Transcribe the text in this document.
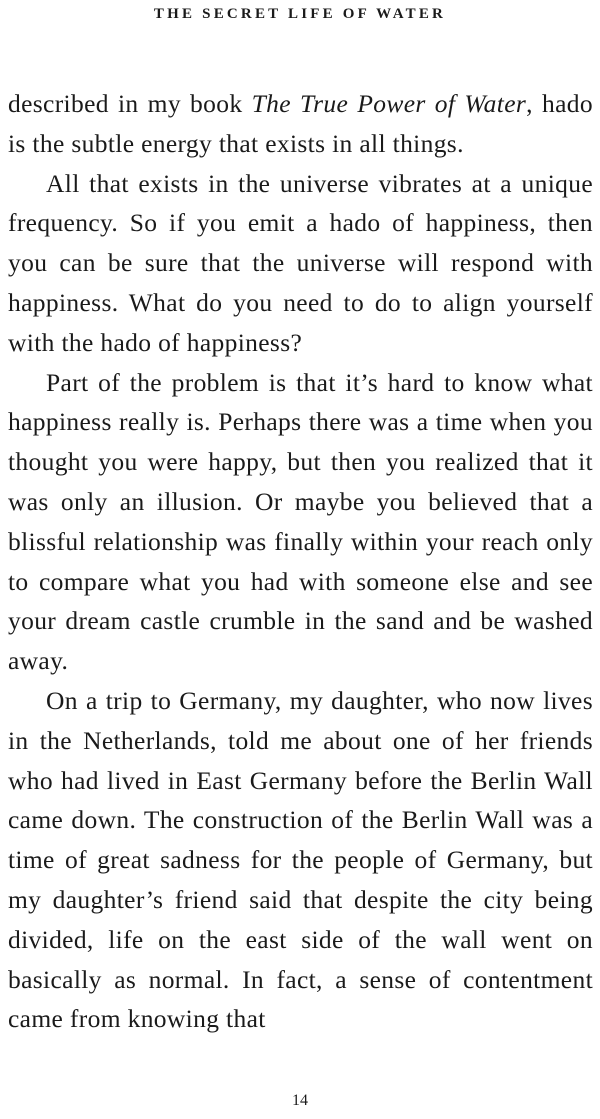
THE SECRET LIFE OF WATER

described in my book The True Power of Water, hado is the subtle energy that exists in all things.

All that exists in the universe vibrates at a unique frequency. So if you emit a hado of happiness, then you can be sure that the universe will respond with happiness. What do you need to do to align yourself with the hado of happiness?

Part of the problem is that it’s hard to know what happiness really is. Perhaps there was a time when you thought you were happy, but then you realized that it was only an illusion. Or maybe you believed that a blissful relationship was finally within your reach only to compare what you had with someone else and see your dream castle crumble in the sand and be washed away.

On a trip to Germany, my daughter, who now lives in the Netherlands, told me about one of her friends who had lived in East Germany before the Berlin Wall came down. The construction of the Berlin Wall was a time of great sadness for the people of Germany, but my daughter’s friend said that despite the city being divided, life on the east side of the wall went on basically as normal. In fact, a sense of contentment came from knowing that

14
